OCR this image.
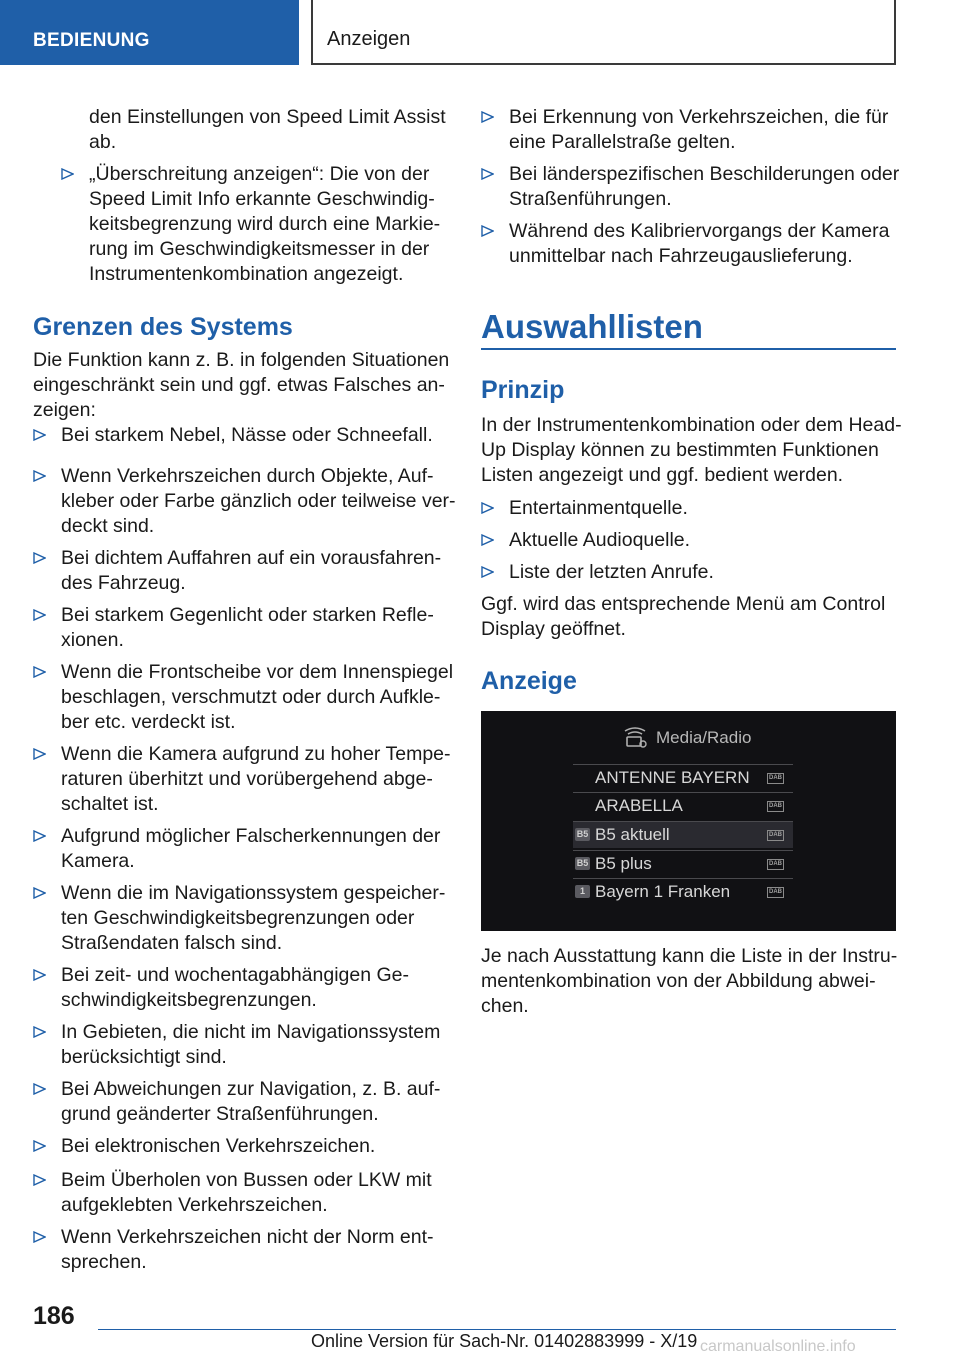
BEDIENUNG	Anzeigen
den Einstellungen von Speed Limit Assist
ab.
„Überschreitung anzeigen“: Die von der
Speed Limit Info erkannte Geschwindig-
keitsbegrenzung wird durch eine Markie-
rung im Geschwindigkeitsmesser in der
Instrumentenkombination angezeigt.
Grenzen des Systems
Die Funktion kann z. B. in folgenden Situationen
eingeschränkt sein und ggf. etwas Falsches an-
zeigen:
Bei starkem Nebel, Nässe oder Schneefall.
Wenn Verkehrszeichen durch Objekte, Auf-
kleber oder Farbe gänzlich oder teilweise ver-
deckt sind.
Bei dichtem Auffahren auf ein vorausfahren-
des Fahrzeug.
Bei starkem Gegenlicht oder starken Refle-
xionen.
Wenn die Frontscheibe vor dem Innenspiegel
beschlagen, verschmutzt oder durch Aufkle-
ber etc. verdeckt ist.
Wenn die Kamera aufgrund zu hoher Tempe-
raturen überhitzt und vorübergehend abge-
schaltet ist.
Aufgrund möglicher Falscherkennungen der
Kamera.
Wenn die im Navigationssystem gespeicher-
ten Geschwindigkeitsbegrenzungen oder
Straßendaten falsch sind.
Bei zeit- und wochentagabhängigen Ge-
schwindigkeitsbegrenzungen.
In Gebieten, die nicht im Navigationssystem
berücksichtigt sind.
Bei Abweichungen zur Navigation, z. B. auf-
grund geänderter Straßenführungen.
Bei elektronischen Verkehrszeichen.
Beim Überholen von Bussen oder LKW mit
aufgeklebten Verkehrszeichen.
Wenn Verkehrszeichen nicht der Norm ent-
sprechen.
Bei Erkennung von Verkehrszeichen, die für
eine Parallelstraße gelten.
Bei länderspezifischen Beschilderungen oder
Straßenführungen.
Während des Kalibriervorgangs der Kamera
unmittelbar nach Fahrzeugauslieferung.
Auswahllisten
Prinzip
In der Instrumentenkombination oder dem Head-
Up Display können zu bestimmten Funktionen
Listen angezeigt und ggf. bedient werden.
Entertainmentquelle.
Aktuelle Audioquelle.
Liste der letzten Anrufe.
Ggf. wird das entsprechende Menü am Control
Display geöffnet.
Anzeige
Media/Radio
ANTENNE BAYERN	DAB
ARABELLA	DAB
B5 B5 aktuell	DAB
B5 B5 plus	DAB
1 Bayern 1 Franken	DAB
Je nach Ausstattung kann die Liste in der Instru-
mentenkombination von der Abbildung abwei-
chen.
186
Online Version für Sach-Nr. 01402883999 - X/19 carmanualsonline.info
